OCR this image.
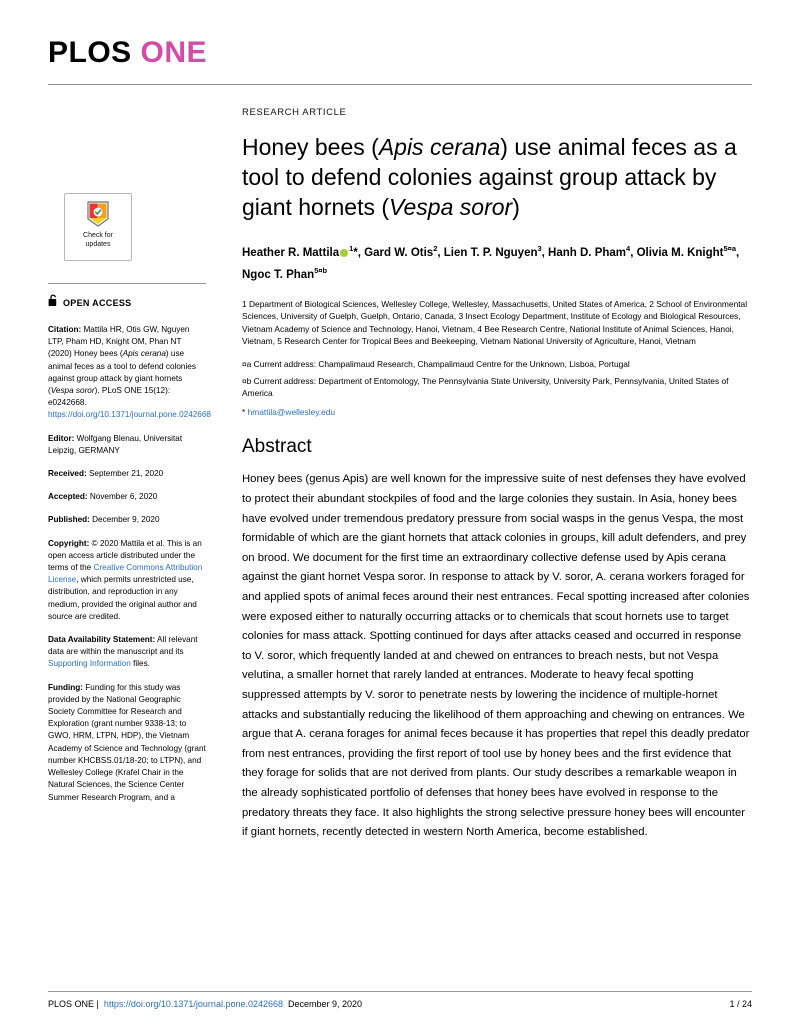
PLOS ONE
Check for
updates
OPEN ACCESS
Citation: Mattila HR, Otis GW, Nguyen LTP, Pham HD, Knight OM, Phan NT (2020) Honey bees (Apis cerana) use animal feces as a tool to defend colonies against group attack by giant hornets (Vespa soror). PLoS ONE 15(12): e0242668. https://doi.org/10.1371/journal.pone.0242668
Editor: Wolfgang Blenau, Universitat Leipzig, GERMANY
Received: September 21, 2020
Accepted: November 6, 2020
Published: December 9, 2020
Copyright: © 2020 Mattila et al. This is an open access article distributed under the terms of the Creative Commons Attribution License, which permits unrestricted use, distribution, and reproduction in any medium, provided the original author and source are credited.
Data Availability Statement: All relevant data are within the manuscript and its Supporting Information files.
Funding: Funding for this study was provided by the National Geographic Society Committee for Research and Exploration (grant number 9338-13; to GWO, HRM, LTPN, HDP), the Vietnam Academy of Science and Technology (grant number KHCBSS.01/18-20; to LTPN), and Wellesley College (Krafel Chair in the Natural Sciences, the Science Center Summer Research Program, and a
RESEARCH ARTICLE
Honey bees (Apis cerana) use animal feces as a tool to defend colonies against group attack by giant hornets (Vespa soror)
Heather R. Mattila $^1$*, Gard W. Otis$^2$, Lien T. P. Nguyen$^3$, Hanh D. Pham$^4$, Olivia M. Knight$^{5¤a}$, Ngoc T. Phan$^{5¤b}$
1 Department of Biological Sciences, Wellesley College, Wellesley, Massachusetts, United States of America, 2 School of Environmental Sciences, University of Guelph, Guelph, Ontario, Canada, 3 Insect Ecology Department, Institute of Ecology and Biological Resources, Vietnam Academy of Science and Technology, Hanoi, Vietnam, 4 Bee Research Centre, National Institute of Animal Sciences, Hanoi, Vietnam, 5 Research Center for Tropical Bees and Beekeeping, Vietnam National University of Agriculture, Hanoi, Vietnam
¤a Current address: Champalimaud Research, Champalimaud Centre for the Unknown, Lisboa, Portugal
¤b Current address: Department of Entomology, The Pennsylvania State University, University Park, Pennsylvania, United States of America
* hmattila@wellesley.edu
Abstract
Honey bees (genus Apis) are well known for the impressive suite of nest defenses they have evolved to protect their abundant stockpiles of food and the large colonies they sustain. In Asia, honey bees have evolved under tremendous predatory pressure from social wasps in the genus Vespa, the most formidable of which are the giant hornets that attack colonies in groups, kill adult defenders, and prey on brood. We document for the first time an extraordinary collective defense used by Apis cerana against the giant hornet Vespa soror. In response to attack by V. soror, A. cerana workers foraged for and applied spots of animal feces around their nest entrances. Fecal spotting increased after colonies were exposed either to naturally occurring attacks or to chemicals that scout hornets use to target colonies for mass attack. Spotting continued for days after attacks ceased and occurred in response to V. soror, which frequently landed at and chewed on entrances to breach nests, but not Vespa velutina, a smaller hornet that rarely landed at entrances. Moderate to heavy fecal spotting suppressed attempts by V. soror to penetrate nests by lowering the incidence of multiple-hornet attacks and substantially reducing the likelihood of them approaching and chewing on entrances. We argue that A. cerana forages for animal feces because it has properties that repel this deadly predator from nest entrances, providing the first report of tool use by honey bees and the first evidence that they forage for solids that are not derived from plants. Our study describes a remarkable weapon in the already sophisticated portfolio of defenses that honey bees have evolved in response to the predatory threats they face. It also highlights the strong selective pressure honey bees will encounter if giant hornets, recently detected in western North America, become established.
PLOS ONE | https://doi.org/10.1371/journal.pone.0242668 December 9, 2020	1 / 24
